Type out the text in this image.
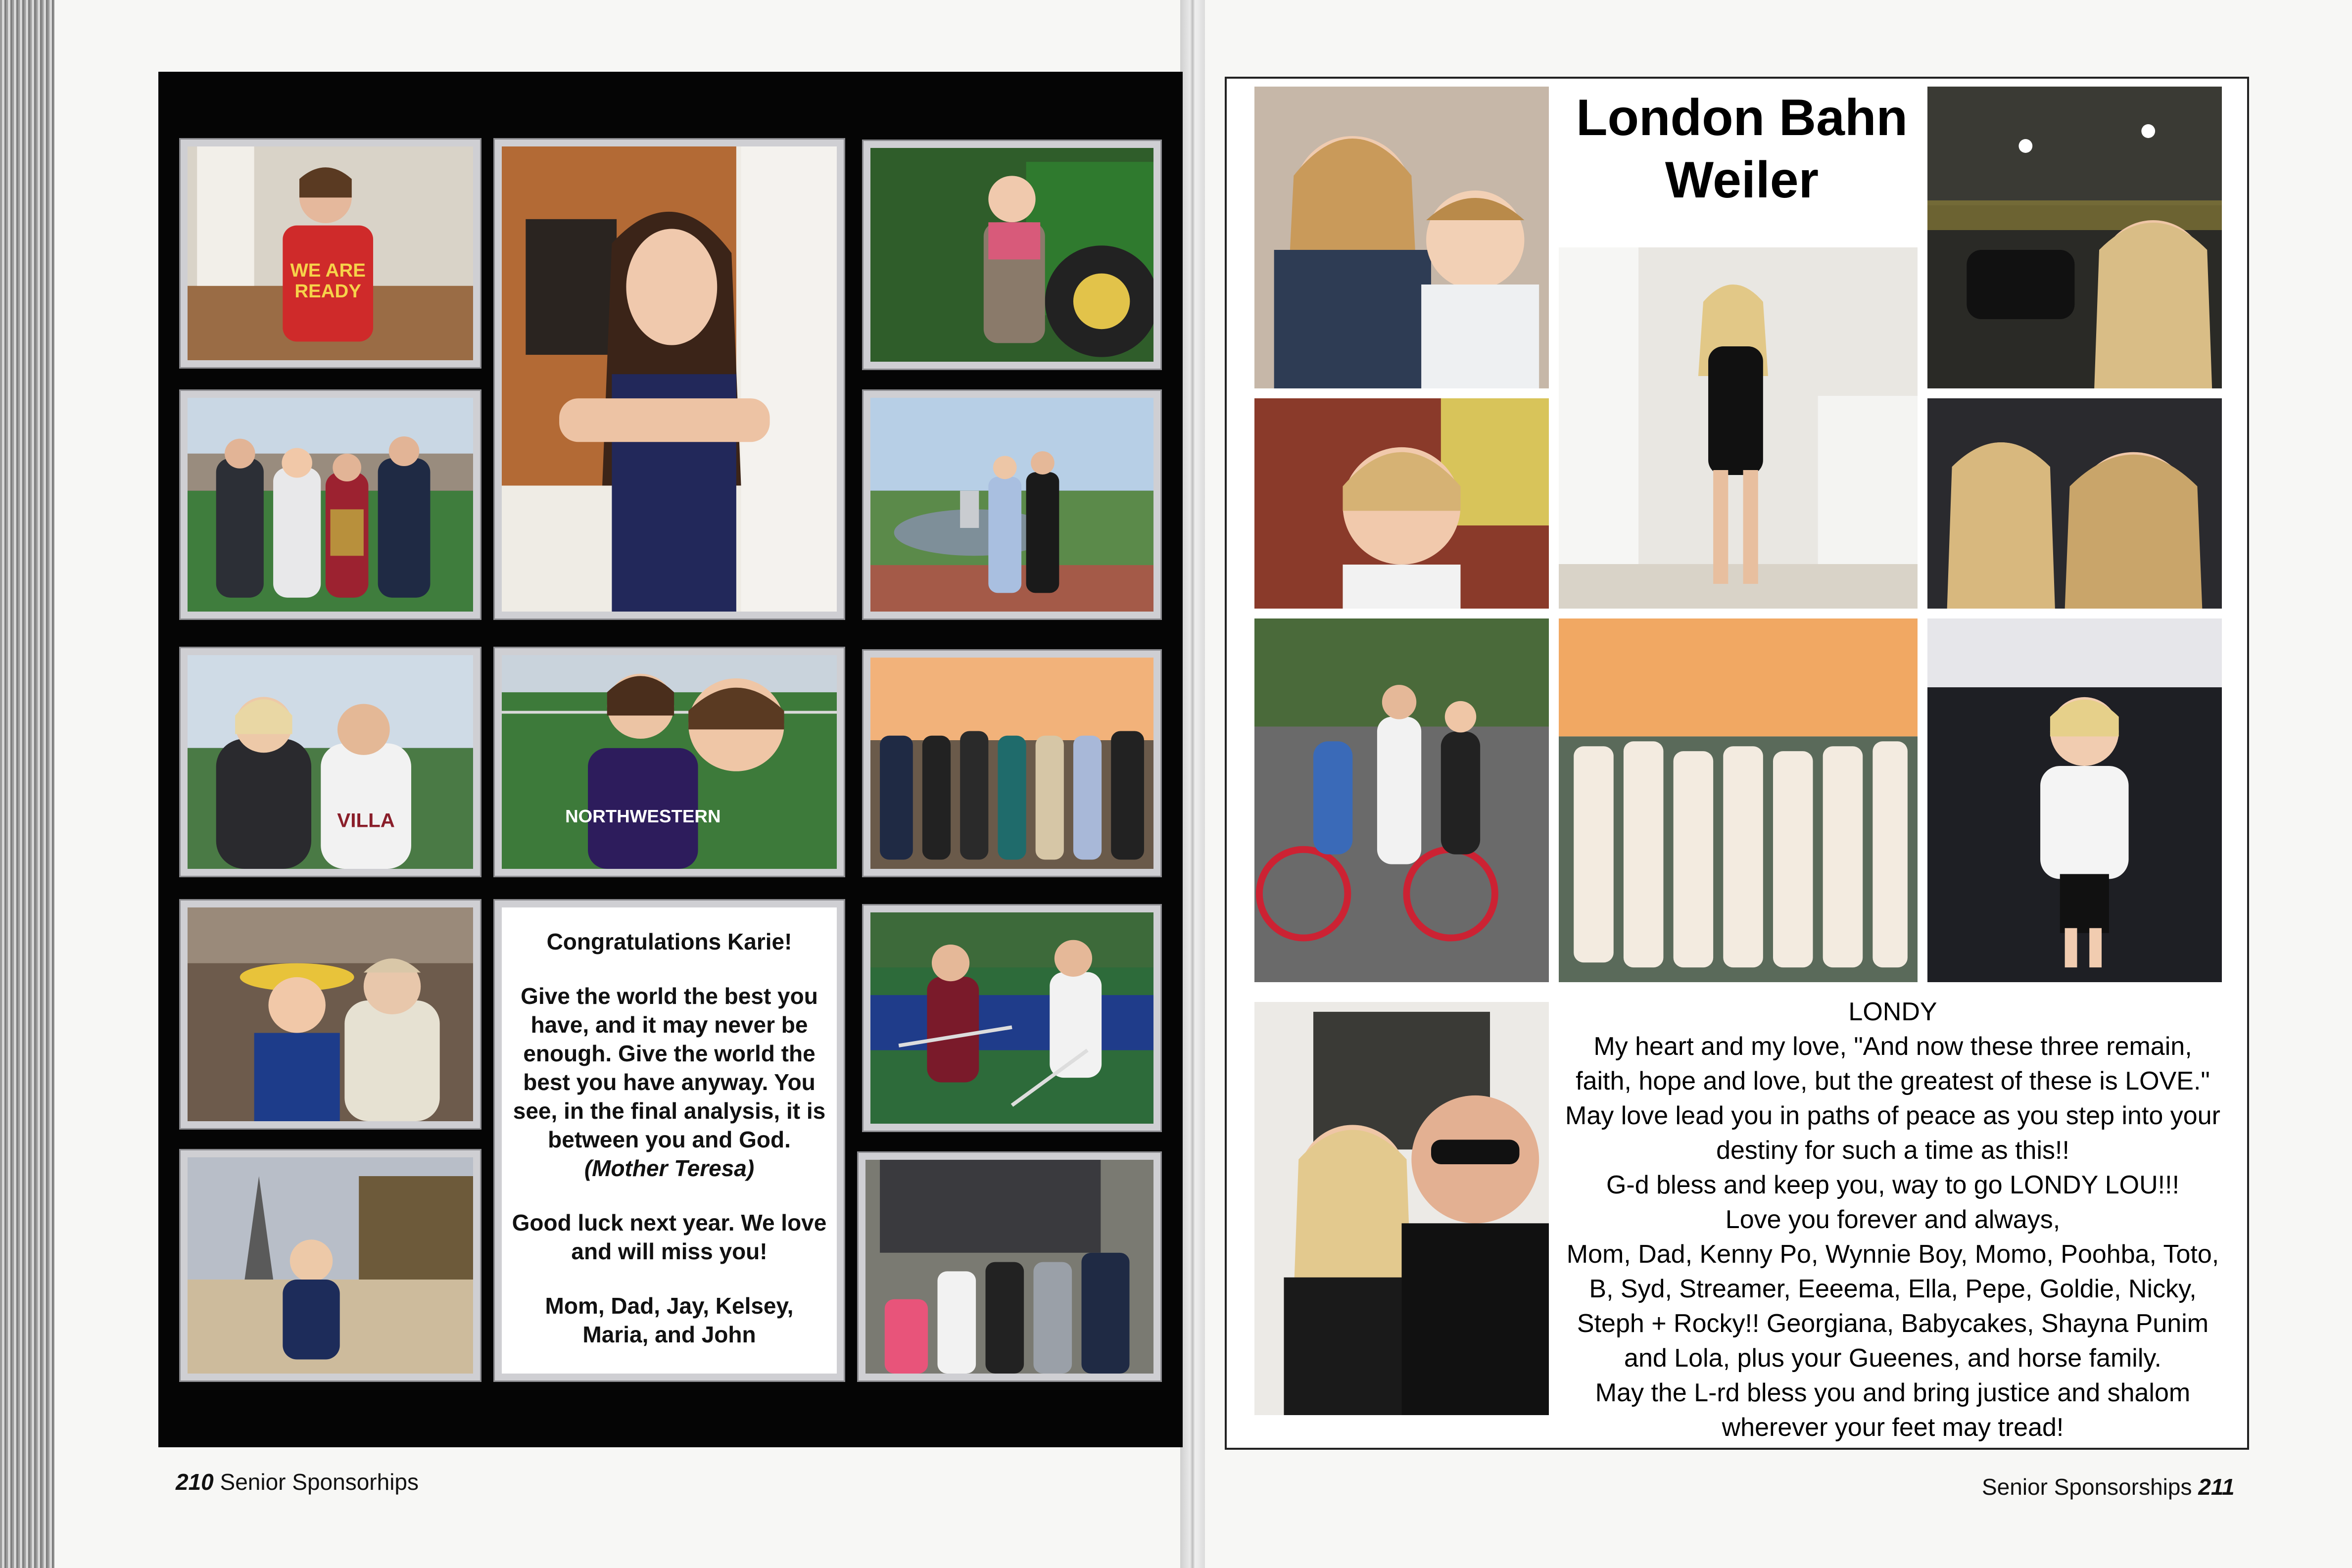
WE ARE
READY
VILLA	NORTHWESTERN

Congratulations Karie!

Give the world the best you
have, and it may never be
enough. Give the world the
best you have anyway. You
see, in the final analysis, it is
between you and God.
(Mother Teresa)

Good luck next year. We love
and will miss you!

Mom, Dad, Jay, Kelsey,
Maria, and John

210 Senior Sponsorhips
London Bahn
Weiler
LONDY
My heart and my love, "And now these three remain,
faith, hope and love, but the greatest of these is LOVE."
May love lead you in paths of peace as you step into your
destiny for such a time as this!!
G-d bless and keep you, way to go LONDY LOU!!!
Love you forever and always,
Mom, Dad, Kenny Po, Wynnie Boy, Momo, Poohba, Toto,
B, Syd, Streamer, Eeeema, Ella, Pepe, Goldie, Nicky,
Steph + Rocky!! Georgiana, Babycakes, Shayna Punim
and Lola, plus your Gueenes, and horse family.
May the L-rd bless you and bring justice and shalom
wherever your feet may tread!
Senior Sponsorships 211
